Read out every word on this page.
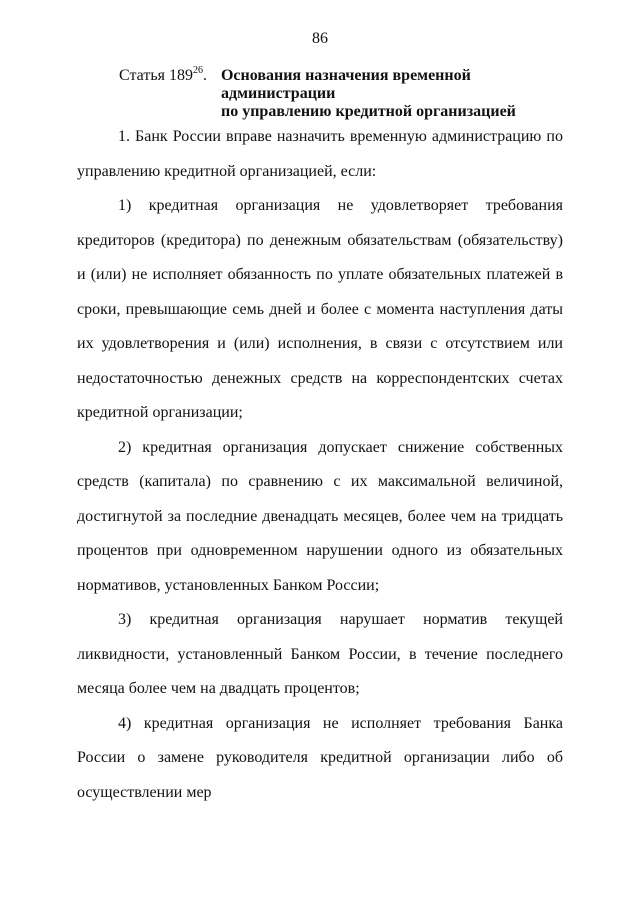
86
Статья $189^{26}$. Основания назначения временной администрации
по управлению кредитной организацией

1. Банк России вправе назначить временную администрацию по управлению кредитной организацией, если:

1) кредитная организация не удовлетворяет требования кредиторов (кредитора) по денежным обязательствам (обязательству) и (или) не исполняет обязанность по уплате обязательных платежей в сроки, превышающие семь дней и более с момента наступления даты их удовлетворения и (или) исполнения, в связи с отсутствием или недостаточностью денежных средств на корреспондентских счетах кредитной организации;

2) кредитная организация допускает снижение собственных средств (капитала) по сравнению с их максимальной величиной, достигнутой за последние двенадцать месяцев, более чем на тридцать процентов при одновременном нарушении одного из обязательных нормативов, установленных Банком России;

3) кредитная организация нарушает норматив текущей ликвидности, установленный Банком России, в течение последнего месяца более чем на двадцать процентов;

4) кредитная организация не исполняет требования Банка России о замене руководителя кредитной организации либо об осуществлении мер
